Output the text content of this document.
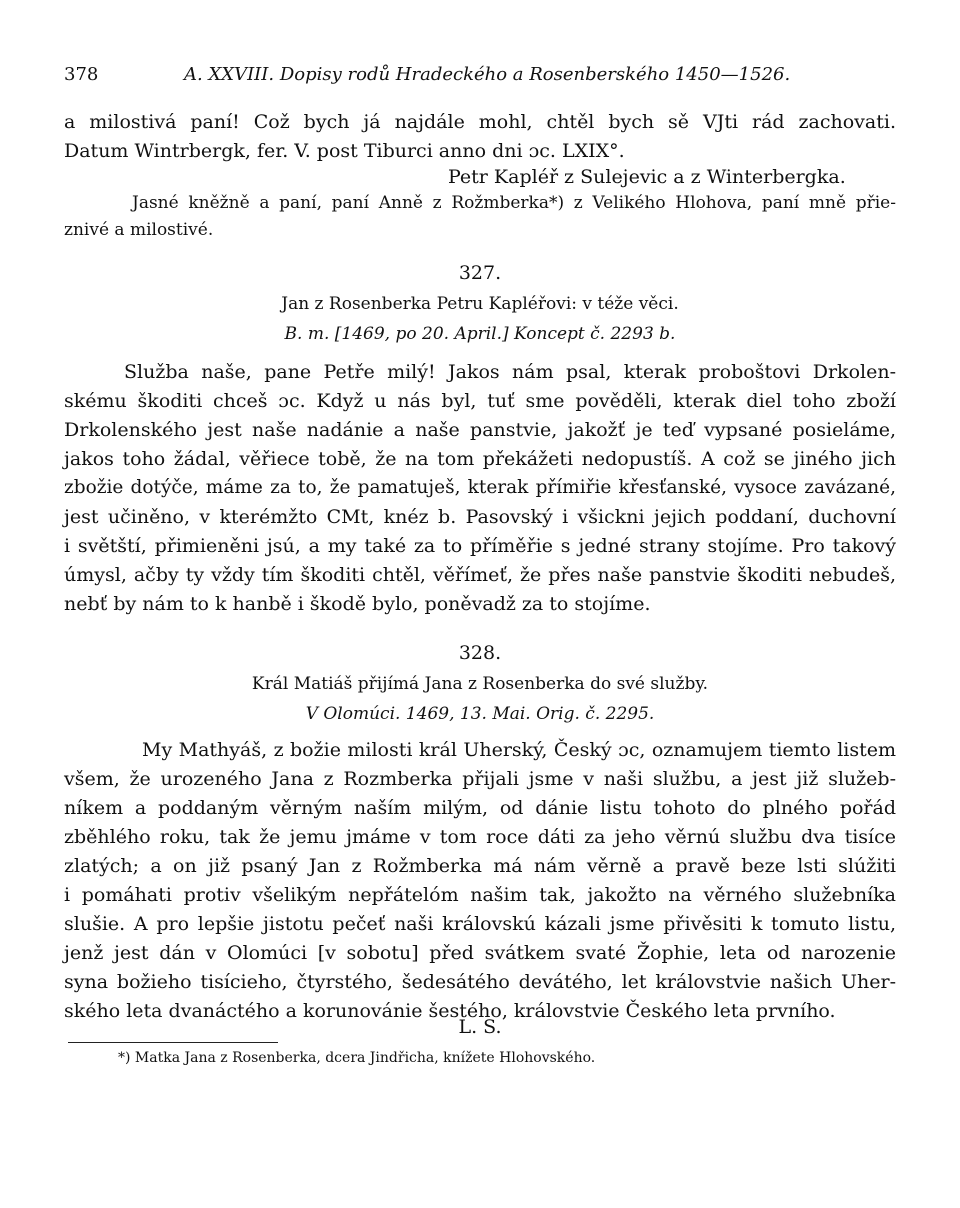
378	A. XXVIII. Dopisy rodů Hradeckého a Rosenberského 1450—1526.
a milostivá paní! Což bych já najdále mohl, chtěl bych sě VJti rád zachovati.
Datum Wintrbergk, fer. V. post Tiburci anno dni ɔc. LXIX°.
Petr Kapléř z Sulejevic a z Winterbergka.
Jasné kněžně a paní, paní Anně z Rožmberka*) z Velikého Hlohova, paní mně přie-
znivé a milostivé.
327.
Jan z Rosenberka Petru Kapléřovi: v téže věci.
B. m. [1469, po 20. April.] Koncept č. 2293 b.
Služba naše, pane Petře milý! Jakos nám psal, kterak proboštovi Drkolen-
skému škoditi chceš ɔc. Když u nás byl, tuť sme pověděli, kterak diel toho zboží
Drkolenského jest naše nadánie a naše panstvie, jakožť je teď vypsané posieláme,
jakos toho žádal, věřiece tobě, že na tom překážeti nedopustíš. A což se jiného jich
zbožie dotýče, máme za to, že pamatuješ, kterak přímiřie křesťanské, vysoce zavázané,
jest učiněno, v kterémžto CMt, knéz b. Pasovský i všickni jejich poddaní, duchovní
i světští, přimieněni jsú, a my také za to příměřie s jedné strany stojíme. Pro takový
úmysl, ačby ty vždy tím škoditi chtěl, věřímeť, že přes naše panstvie škoditi nebudeš,
nebť by nám to k hanbě i škodě bylo, poněvadž za to stojíme.
328.
Král Matiáš přijímá Jana z Rosenberka do své služby.
V Olomúci. 1469, 13. Mai. Orig. č. 2295.
My Mathyáš, z božie milosti král Uherský, Český ɔc, oznamujem tiemto listem
všem, že urozeného Jana z Rozmberka přijali jsme v naši službu, a jest již služeb-
níkem a poddaným věrným naším milým, od dánie listu tohoto do plného pořád
zběhlého roku, tak že jemu jmáme v tom roce dáti za jeho věrnú službu dva tisíce
zlatých; a on již psaný Jan z Rožmberka má nám věrně a pravě beze lsti slúžiti
i pomáhati protiv všelikým nepřátelóm našim tak, jakožto na věrného služebníka
slušie. A pro lepšie jistotu pečeť naši královskú kázali jsme přivěsiti k tomuto listu,
jenž jest dán v Olomúci [v sobotu] před svátkem svaté Žophie, leta od narozenie
syna božieho tisícieho, čtyrstého, šedesátého devátého, let královstvie našich Uher-
ského leta dvanáctého a korunovánie šestého, královstvie Českého leta prvního.
L. S.
*) Matka Jana z Rosenberka, dcera Jindřicha, knížete Hlohovského.
